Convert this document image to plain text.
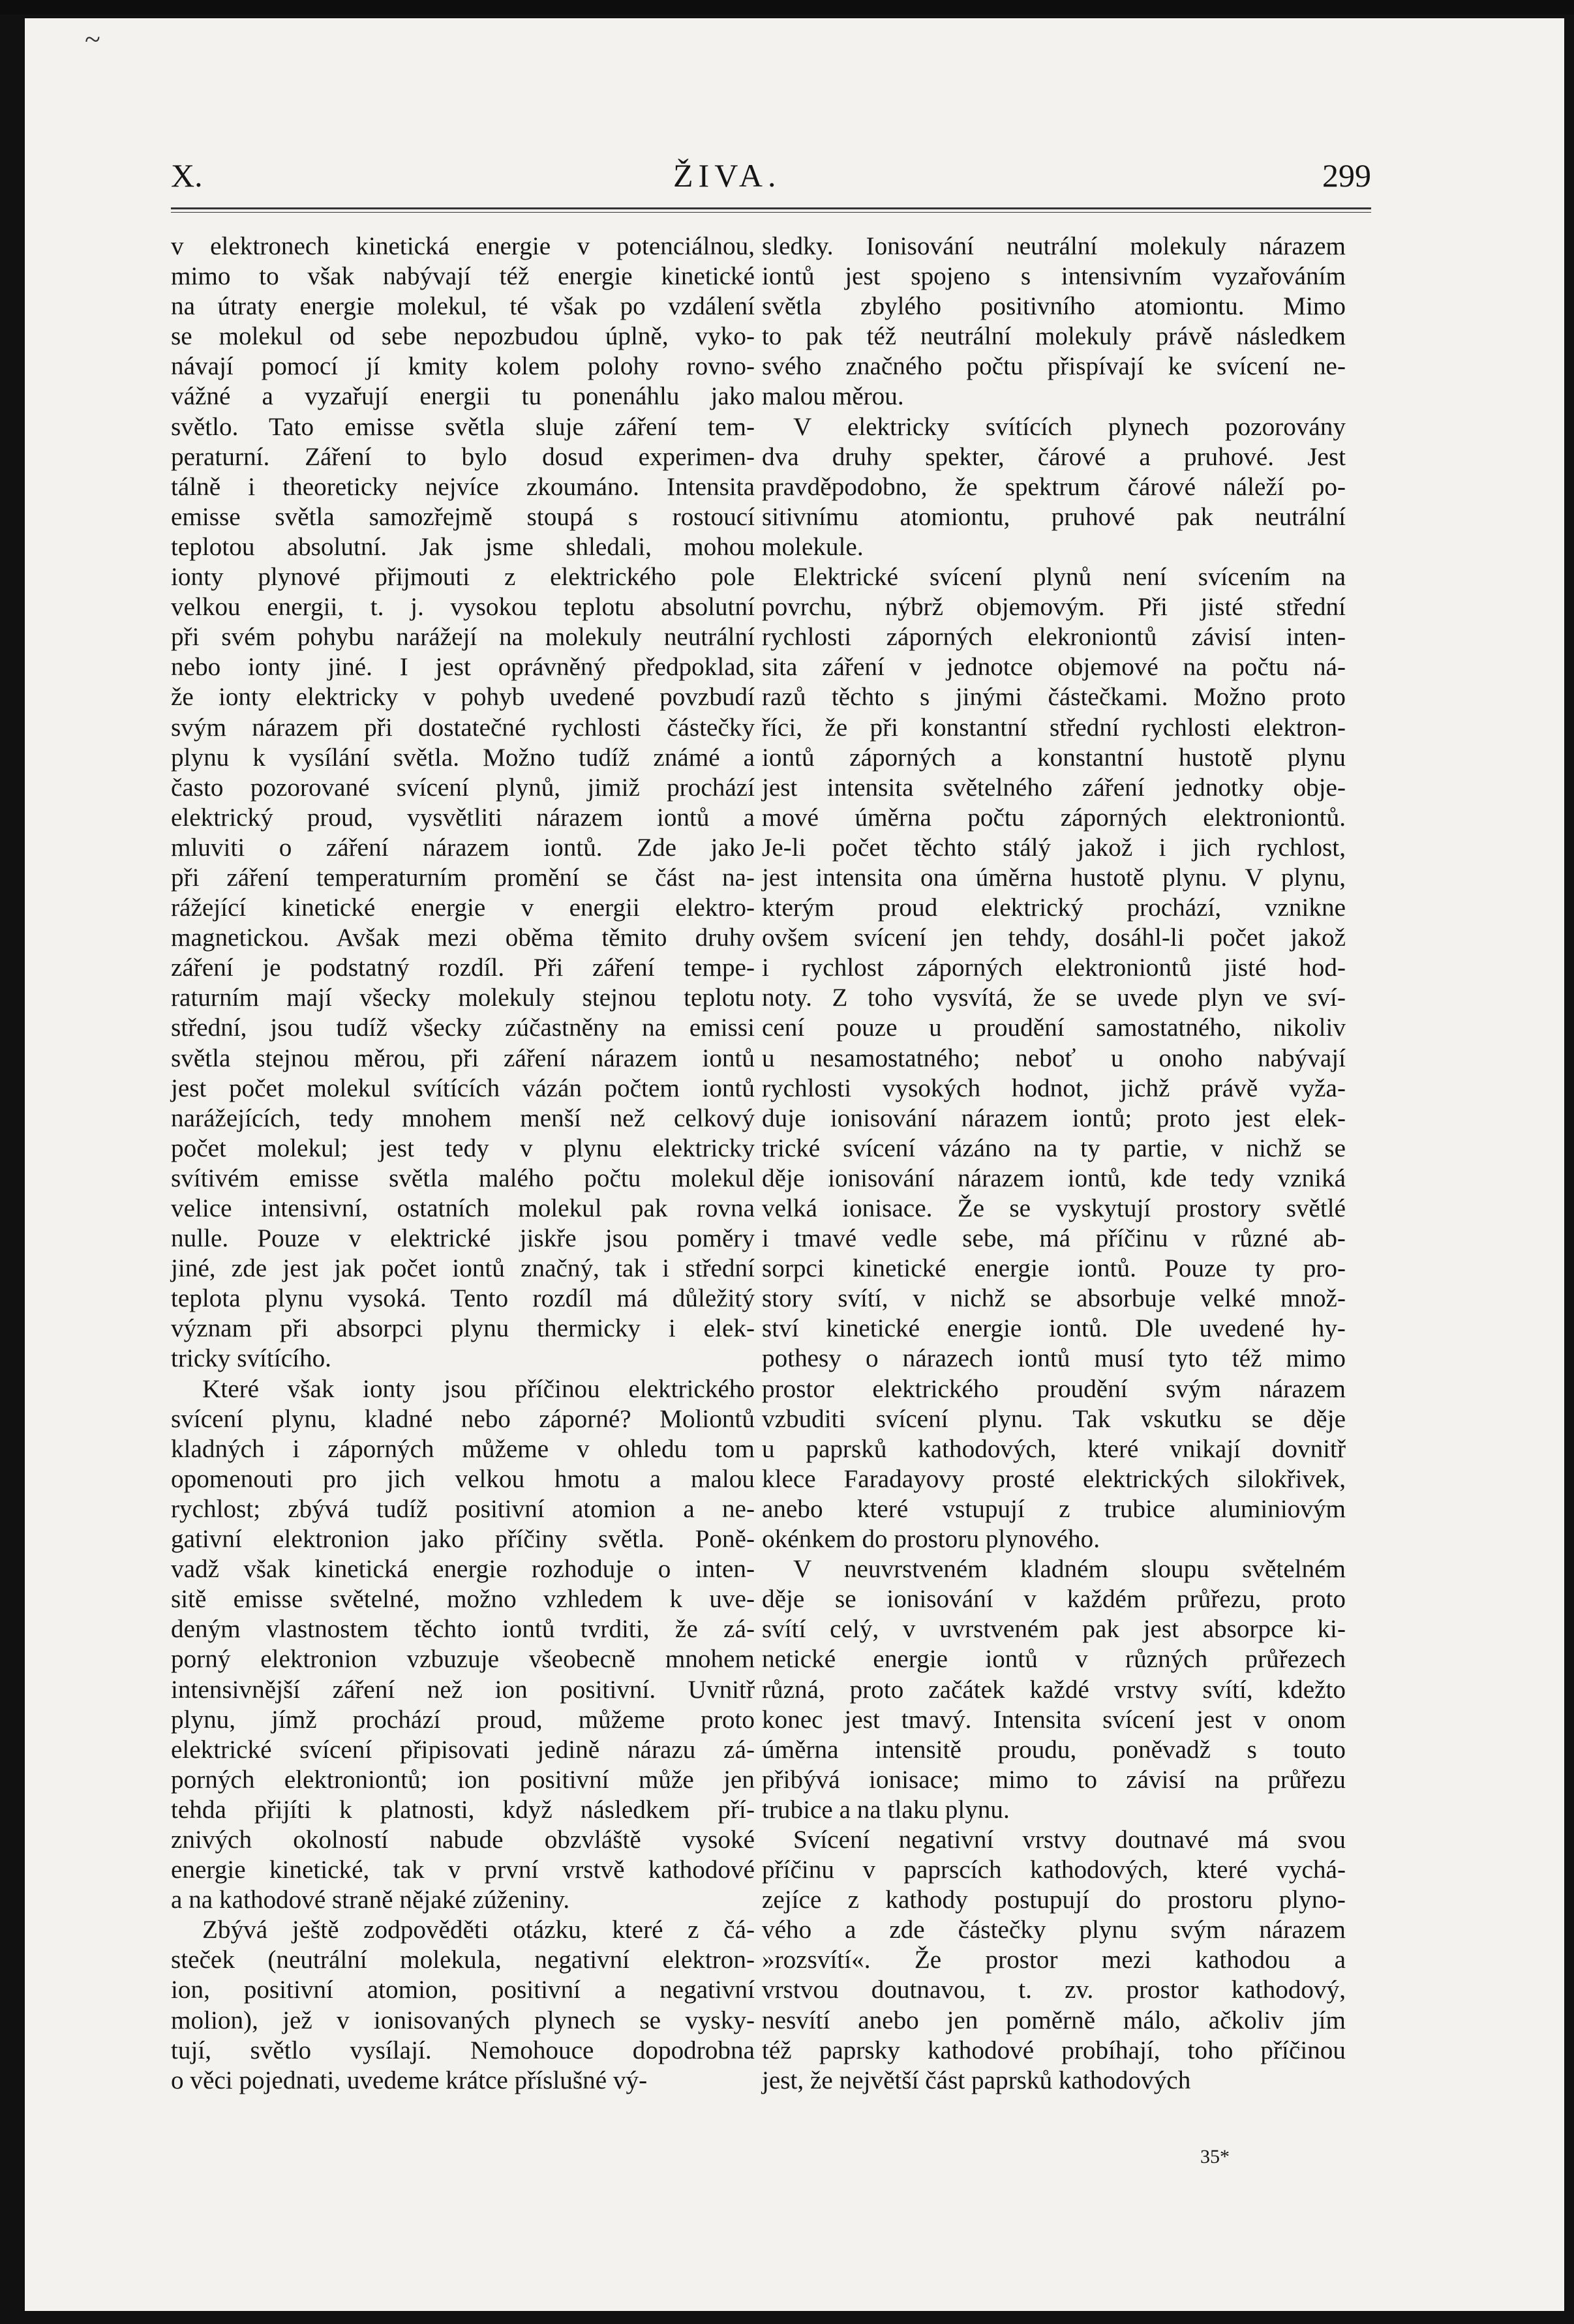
~
X.	ŽIVA.	299
v elektronech kinetická energie v potenciálnou,
mimo to však nabývají též energie kinetické
na útraty energie molekul, té však po vzdálení
se molekul od sebe nepozbudou úplně, vyko-
návají pomocí jí kmity kolem polohy rovno-
vážné a vyzařují energii tu ponenáhlu jako
světlo. Tato emisse světla sluje záření tem-
peraturní. Záření to bylo dosud experimen-
tálně i theoreticky nejvíce zkoumáno. Intensita
emisse světla samozřejmě stoupá s rostoucí
teplotou absolutní. Jak jsme shledali, mohou
ionty plynové přijmouti z elektrického pole
velkou energii, t. j. vysokou teplotu absolutní
při svém pohybu narážejí na molekuly neutrální
nebo ionty jiné. I jest oprávněný předpoklad,
že ionty elektricky v pohyb uvedené povzbudí
svým nárazem při dostatečné rychlosti částečky
plynu k vysílání světla. Možno tudíž známé a
často pozorované svícení plynů, jimiž prochází
elektrický proud, vysvětliti nárazem iontů a
mluviti o záření nárazem iontů. Zde jako
při záření temperaturním promění se část na-
rážející kinetické energie v energii elektro-
magnetickou. Avšak mezi oběma těmito druhy
záření je podstatný rozdíl. Při záření tempe-
raturním mají všecky molekuly stejnou teplotu
střední, jsou tudíž všecky zúčastněny na emissi
světla stejnou měrou, při záření nárazem iontů
jest počet molekul svítících vázán počtem iontů
narážejících, tedy mnohem menší než celkový
počet molekul; jest tedy v plynu elektricky
svítivém emisse světla malého počtu molekul
velice intensivní, ostatních molekul pak rovna
nulle. Pouze v elektrické jiskře jsou poměry
jiné, zde jest jak počet iontů značný, tak i střední
teplota plynu vysoká. Tento rozdíl má důležitý
význam při absorpci plynu thermicky i elek-
tricky svítícího.
Které však ionty jsou příčinou elektrického
svícení plynu, kladné nebo záporné? Moliontů
kladných i záporných můžeme v ohledu tom
opomenouti pro jich velkou hmotu a malou
rychlost; zbývá tudíž positivní atomion a ne-
gativní elektronion jako příčiny světla. Poně-
vadž však kinetická energie rozhoduje o inten-
sitě emisse světelné, možno vzhledem k uve-
deným vlastnostem těchto iontů tvrditi, že zá-
porný elektronion vzbuzuje všeobecně mnohem
intensivnější záření než ion positivní. Uvnitř
plynu, jímž prochází proud, můžeme proto
elektrické svícení připisovati jedině nárazu zá-
porných elektroniontů; ion positivní může jen
tehda přijíti k platnosti, když následkem pří-
znivých okolností nabude obzvláště vysoké
energie kinetické, tak v první vrstvě kathodové
a na kathodové straně nějaké zúženiny.
Zbývá ještě zodpověděti otázku, které z čá-
steček (neutrální molekula, negativní elektron-
ion, positivní atomion, positivní a negativní
molion), jež v ionisovaných plynech se vysky-
tují, světlo vysílají. Nemohouce dopodrobna
o věci pojednati, uvedeme krátce příslušné vý-
sledky. Ionisování neutrální molekuly nárazem
iontů jest spojeno s intensivním vyzařováním
světla zbylého positivního atomiontu. Mimo
to pak též neutrální molekuly právě následkem
svého značného počtu přispívají ke svícení ne-
malou měrou.
V elektricky svítících plynech pozorovány
dva druhy spekter, čárové a pruhové. Jest
pravděpodobno, že spektrum čárové náleží po-
sitivnímu atomiontu, pruhové pak neutrální
molekule.
Elektrické svícení plynů není svícením na
povrchu, nýbrž objemovým. Při jisté střední
rychlosti záporných elekroniontů závisí inten-
sita záření v jednotce objemové na počtu ná-
razů těchto s jinými částečkami. Možno proto
říci, že při konstantní střední rychlosti elektron-
iontů záporných a konstantní hustotě plynu
jest intensita světelného záření jednotky obje-
mové úměrna počtu záporných elektroniontů.
Je-li počet těchto stálý jakož i jich rychlost,
jest intensita ona úměrna hustotě plynu. V plynu,
kterým proud elektrický prochází, vznikne
ovšem svícení jen tehdy, dosáhl-li počet jakož
i rychlost záporných elektroniontů jisté hod-
noty. Z toho vysvítá, že se uvede plyn ve sví-
cení pouze u proudění samostatného, nikoliv
u nesamostatného; neboť u onoho nabývají
rychlosti vysokých hodnot, jichž právě vyža-
duje ionisování nárazem iontů; proto jest elek-
trické svícení vázáno na ty partie, v nichž se
děje ionisování nárazem iontů, kde tedy vzniká
velká ionisace. Že se vyskytují prostory světlé
i tmavé vedle sebe, má příčinu v různé ab-
sorpci kinetické energie iontů. Pouze ty pro-
story svítí, v nichž se absorbuje velké množ-
ství kinetické energie iontů. Dle uvedené hy-
pothesy o nárazech iontů musí tyto též mimo
prostor elektrického proudění svým nárazem
vzbuditi svícení plynu. Tak vskutku se děje
u paprsků kathodových, které vnikají dovnitř
klece Faradayovy prosté elektrických silokřivek,
anebo které vstupují z trubice aluminiovým
okénkem do prostoru plynového.
V neuvrstveném kladném sloupu světelném
děje se ionisování v každém průřezu, proto
svítí celý, v uvrstveném pak jest absorpce ki-
netické energie iontů v různých průřezech
různá, proto začátek každé vrstvy svítí, kdežto
konec jest tmavý. Intensita svícení jest v onom
úměrna intensitě proudu, poněvadž s touto
přibývá ionisace; mimo to závisí na průřezu
trubice a na tlaku plynu.
Svícení negativní vrstvy doutnavé má svou
příčinu v paprscích kathodových, které vychá-
zejíce z kathody postupují do prostoru plyno-
vého a zde částečky plynu svým nárazem
»rozsvítí«. Že prostor mezi kathodou a
vrstvou doutnavou, t. zv. prostor kathodový,
nesvítí anebo jen poměrně málo, ačkoliv jím
též paprsky kathodové probíhají, toho příčinou
jest, že největší část paprsků kathodových
35*
